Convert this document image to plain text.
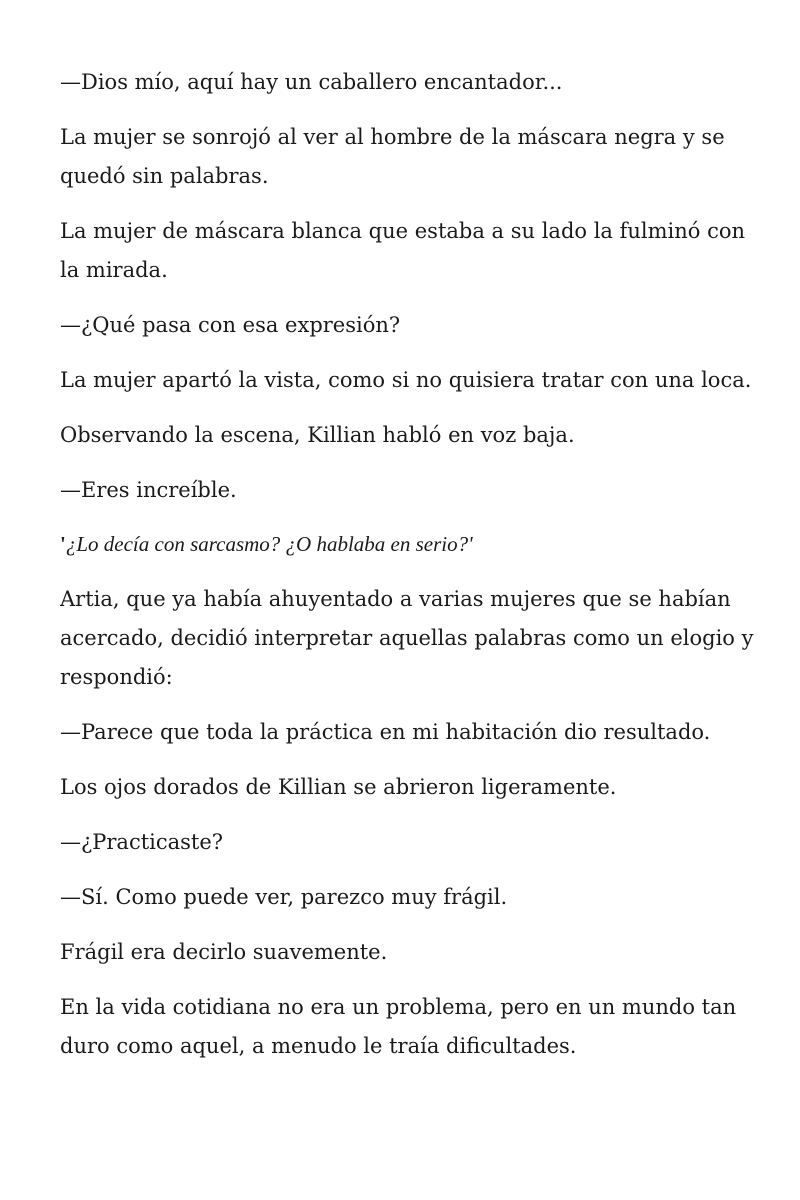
—Dios mío, aquí hay un caballero encantador...

La mujer se sonrojó al ver al hombre de la máscara negra y se quedó sin palabras.

La mujer de máscara blanca que estaba a su lado la fulminó con la mirada.

—¿Qué pasa con esa expresión?

La mujer apartó la vista, como si no quisiera tratar con una loca.

Observando la escena, Killian habló en voz baja.

—Eres increíble.

'¿Lo decía con sarcasmo? ¿O hablaba en serio?'

Artia, que ya había ahuyentado a varias mujeres que se habían acercado, decidió interpretar aquellas palabras como un elogio y respondió:

—Parece que toda la práctica en mi habitación dio resultado.

Los ojos dorados de Killian se abrieron ligeramente.

—¿Practicaste?

—Sí. Como puede ver, parezco muy frágil.

Frágil era decirlo suavemente.

En la vida cotidiana no era un problema, pero en un mundo tan duro como aquel, a menudo le traía dificultades.
